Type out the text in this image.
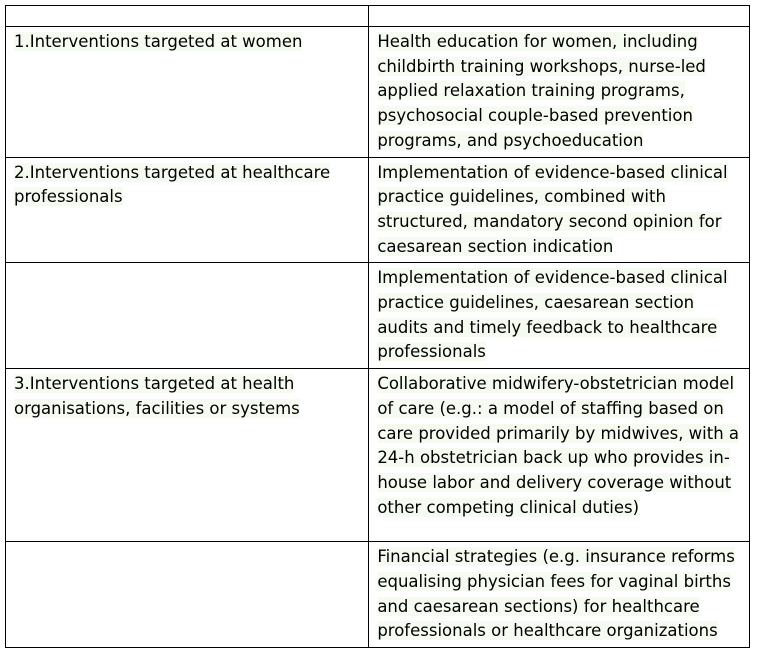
1.Interventions targeted at women	Health education for women, including childbirth training workshops, nurse-led applied relaxation training programs, psychosocial couple-based prevention programs, and psychoeducation
2.Interventions targeted at healthcare professionals	Implementation of evidence-based clinical practice guidelines, combined with structured, mandatory second opinion for caesarean section indication
	Implementation of evidence-based clinical practice guidelines, caesarean section audits and timely feedback to healthcare professionals
3.Interventions targeted at health organisations, facilities or systems	Collaborative midwifery-obstetrician model of care (e.g.: a model of staffing based on care provided primarily by midwives, with a 24-h obstetrician back up who provides in-house labor and delivery coverage without other competing clinical duties)
	Financial strategies (e.g. insurance reforms equalising physician fees for vaginal births and caesarean sections) for healthcare professionals or healthcare organizations
